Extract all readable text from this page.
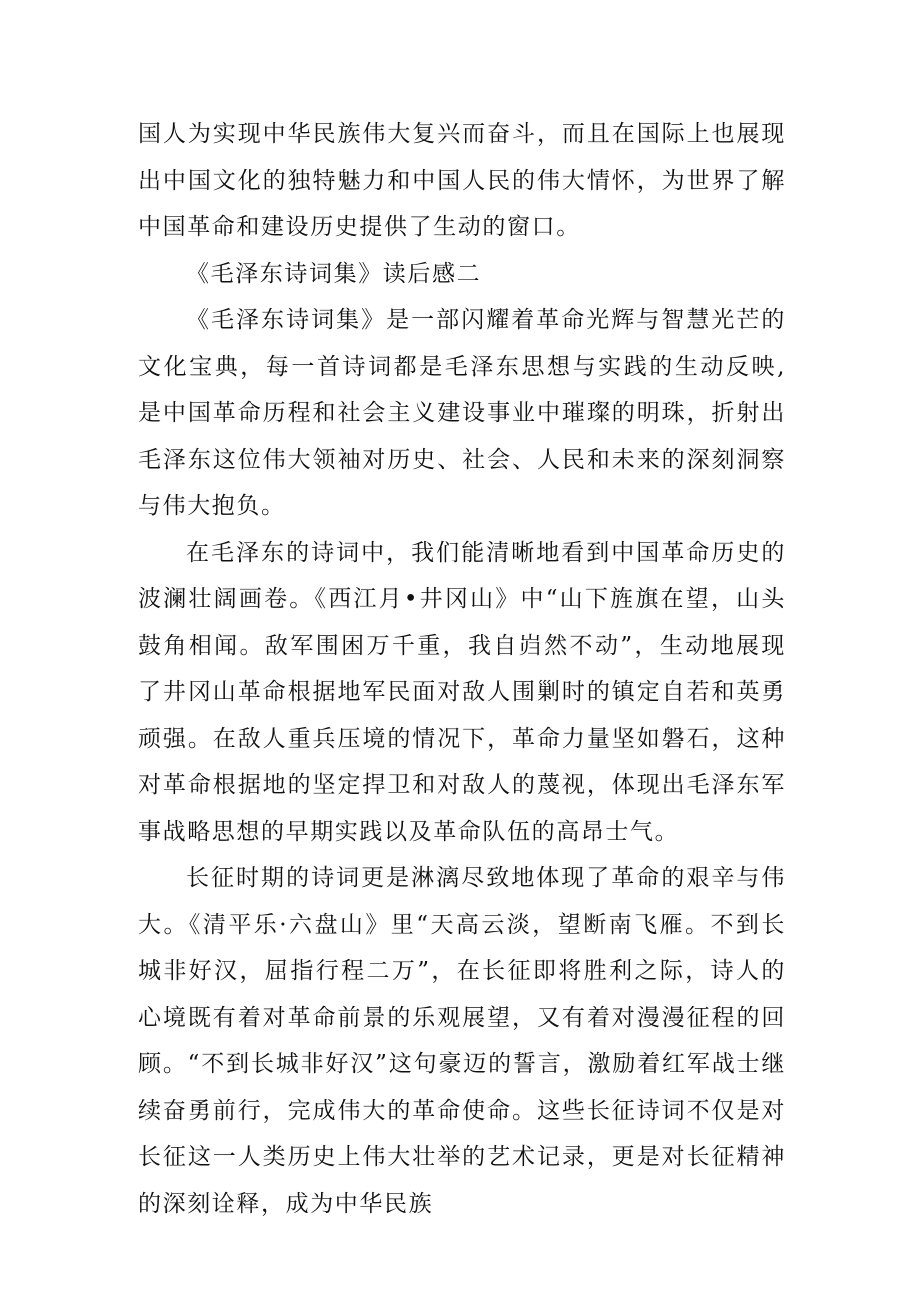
国人为实现中华民族伟大复兴而奋斗，而且在国际上也展现出中国文化的独特魅力和中国人民的伟大情怀，为世界了解中国革命和建设历史提供了生动的窗口。

《毛泽东诗词集》读后感二

《毛泽东诗词集》是一部闪耀着革命光辉与智慧光芒的文化宝典，每一首诗词都是毛泽东思想与实践的生动反映,是中国革命历程和社会主义建设事业中璀璨的明珠，折射出毛泽东这位伟大领袖对历史、社会、人民和未来的深刻洞察与伟大抱负。

在毛泽东的诗词中，我们能清晰地看到中国革命历史的波澜壮阔画卷。《西江月•井冈山》中“山下旌旗在望，山头鼓角相闻。敌军围困万千重，我自岿然不动”，生动地展现了井冈山革命根据地军民面对敌人围剿时的镇定自若和英勇顽强。在敌人重兵压境的情况下，革命力量坚如磐石，这种对革命根据地的坚定捍卫和对敌人的蔑视，体现出毛泽东军事战略思想的早期实践以及革命队伍的高昂士气。

长征时期的诗词更是淋漓尽致地体现了革命的艰辛与伟大。《清平乐·六盘山》里“天高云淡，望断南飞雁。不到长城非好汉，屈指行程二万”，在长征即将胜利之际，诗人的心境既有着对革命前景的乐观展望，又有着对漫漫征程的回顾。“不到长城非好汉”这句豪迈的誓言，激励着红军战士继续奋勇前行，完成伟大的革命使命。这些长征诗词不仅是对长征这一人类历史上伟大壮举的艺术记录，更是对长征精神的深刻诠释，成为中华民族
